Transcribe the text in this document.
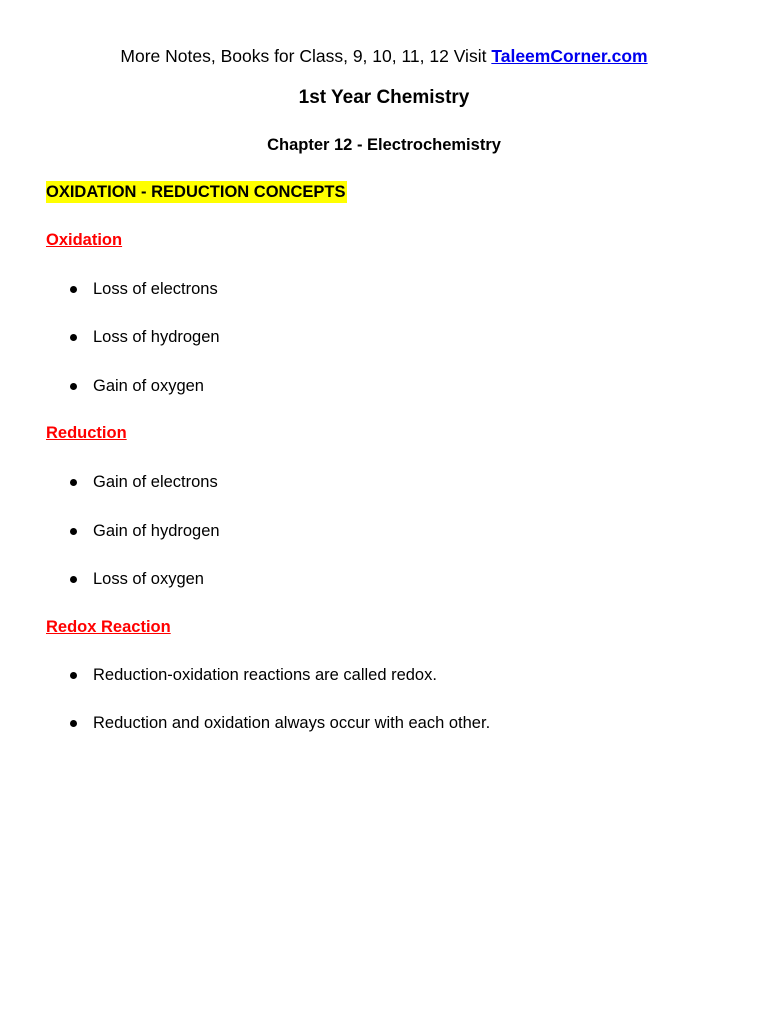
More Notes, Books for Class, 9, 10, 11, 12 Visit TaleemCorner.com
1st Year Chemistry
Chapter 12 - Electrochemistry
OXIDATION - REDUCTION CONCEPTS
Oxidation
Loss of electrons
Loss of hydrogen
Gain of oxygen
Reduction
Gain of electrons
Gain of hydrogen
Loss of oxygen
Redox Reaction
Reduction-oxidation reactions are called redox.
Reduction and oxidation always occur with each other.
